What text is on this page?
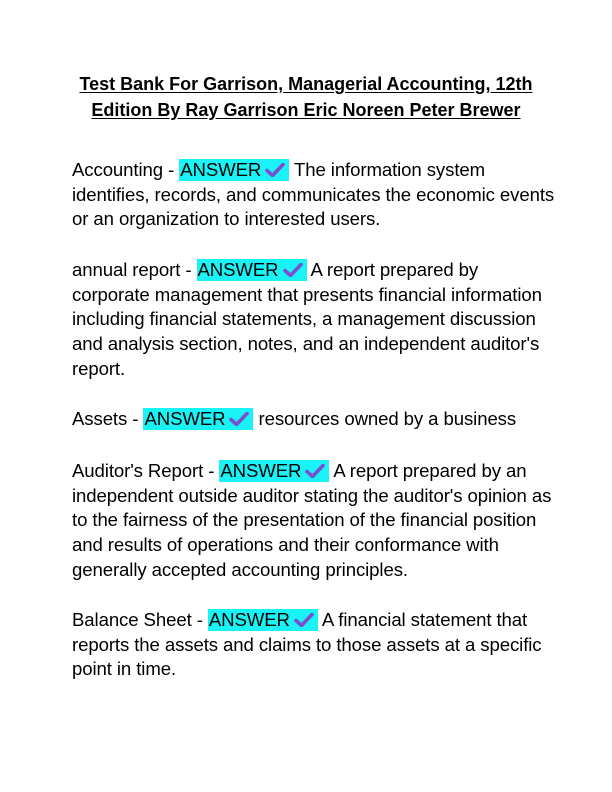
Test Bank For Garrison, Managerial Accounting, 12th
Edition By Ray Garrison Eric Noreen Peter Brewer
Accounting - ANSWER
The information system identifies, records, and communicates the economic events or an organization to interested users.
annual report - ANSWER
A report prepared by corporate management that presents financial information including financial statements, a management discussion and analysis section, notes, and an independent auditor's report.
Assets - ANSWER
resources owned by a business
Auditor's Report - ANSWER
A report prepared by an independent outside auditor stating the auditor's opinion as to the fairness of the presentation of the financial position and results of operations and their conformance with generally accepted accounting principles.
Balance Sheet - ANSWER
A financial statement that reports the assets and claims to those assets at a specific point in time.
